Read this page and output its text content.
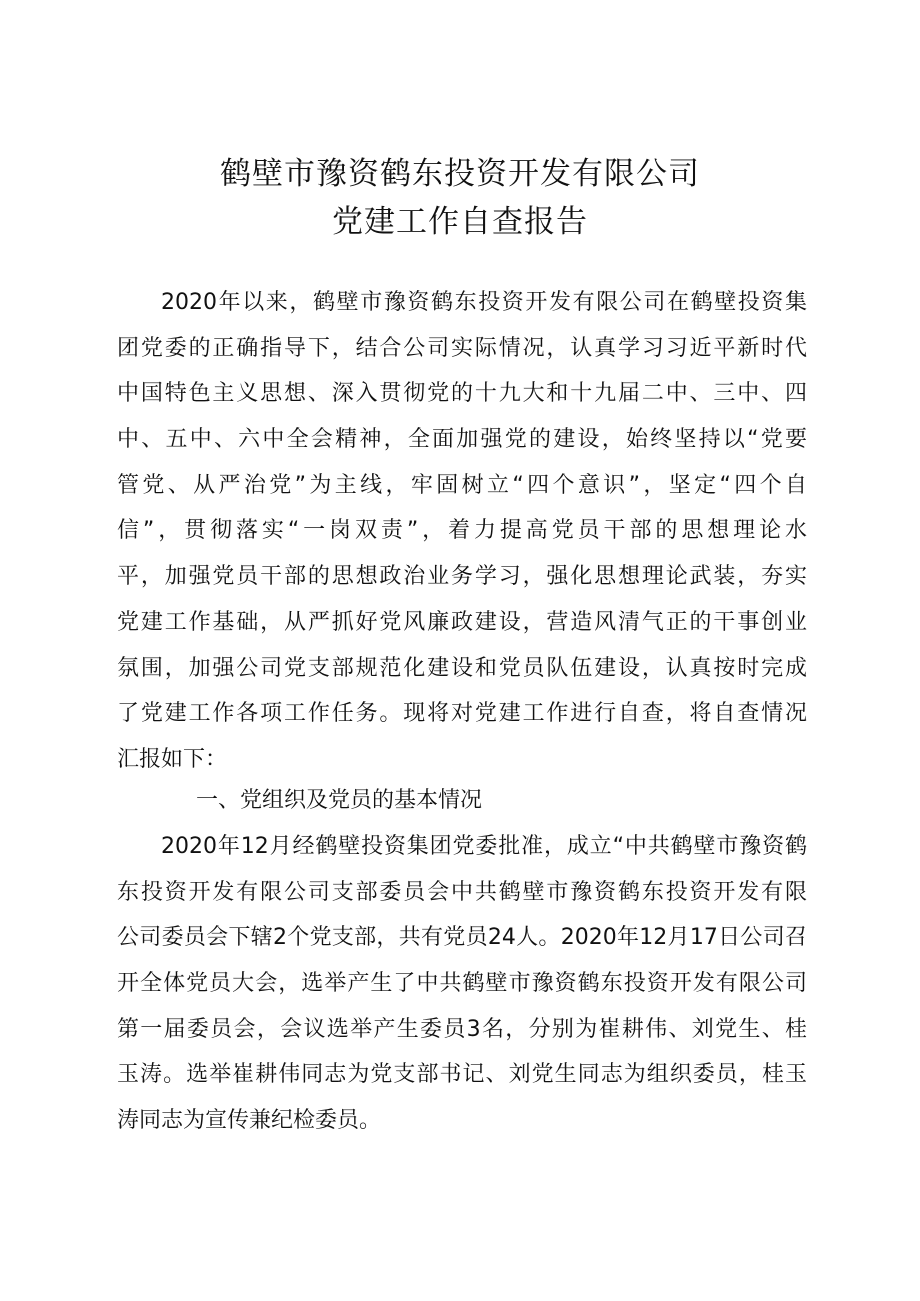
鹤壁市豫资鹤东投资开发有限公司
党建工作自查报告
2020年以来，鹤壁市豫资鹤东投资开发有限公司在鹤壁投资集
团党委的正确指导下，结合公司实际情况，认真学习习近平新时代
中国特色主义思想、深入贯彻党的十九大和十九届二中、三中、四
中、五中、六中全会精神，全面加强党的建设，始终坚持以“党要
管党、从严治党”为主线，牢固树立“四个意识”，坚定“四个自
信”，贯彻落实“一岗双责”，着力提高党员干部的思想理论水
平，加强党员干部的思想政治业务学习，强化思想理论武装，夯实
党建工作基础，从严抓好党风廉政建设，营造风清气正的干事创业
氛围，加强公司党支部规范化建设和党员队伍建设，认真按时完成
了党建工作各项工作任务。现将对党建工作进行自查，将自查情况
汇报如下：
一、党组织及党员的基本情况
2020年12月经鹤壁投资集团党委批准，成立“中共鹤壁市豫资鹤
东投资开发有限公司支部委员会中共鹤壁市豫资鹤东投资开发有限
公司委员会下辖2个党支部，共有党员24人。2020年12月17日公司召
开全体党员大会，选举产生了中共鹤壁市豫资鹤东投资开发有限公司
第一届委员会，会议选举产生委员3名，分别为崔耕伟、刘党生、桂
玉涛。选举崔耕伟同志为党支部书记、刘党生同志为组织委员，桂玉
涛同志为宣传兼纪检委员。
